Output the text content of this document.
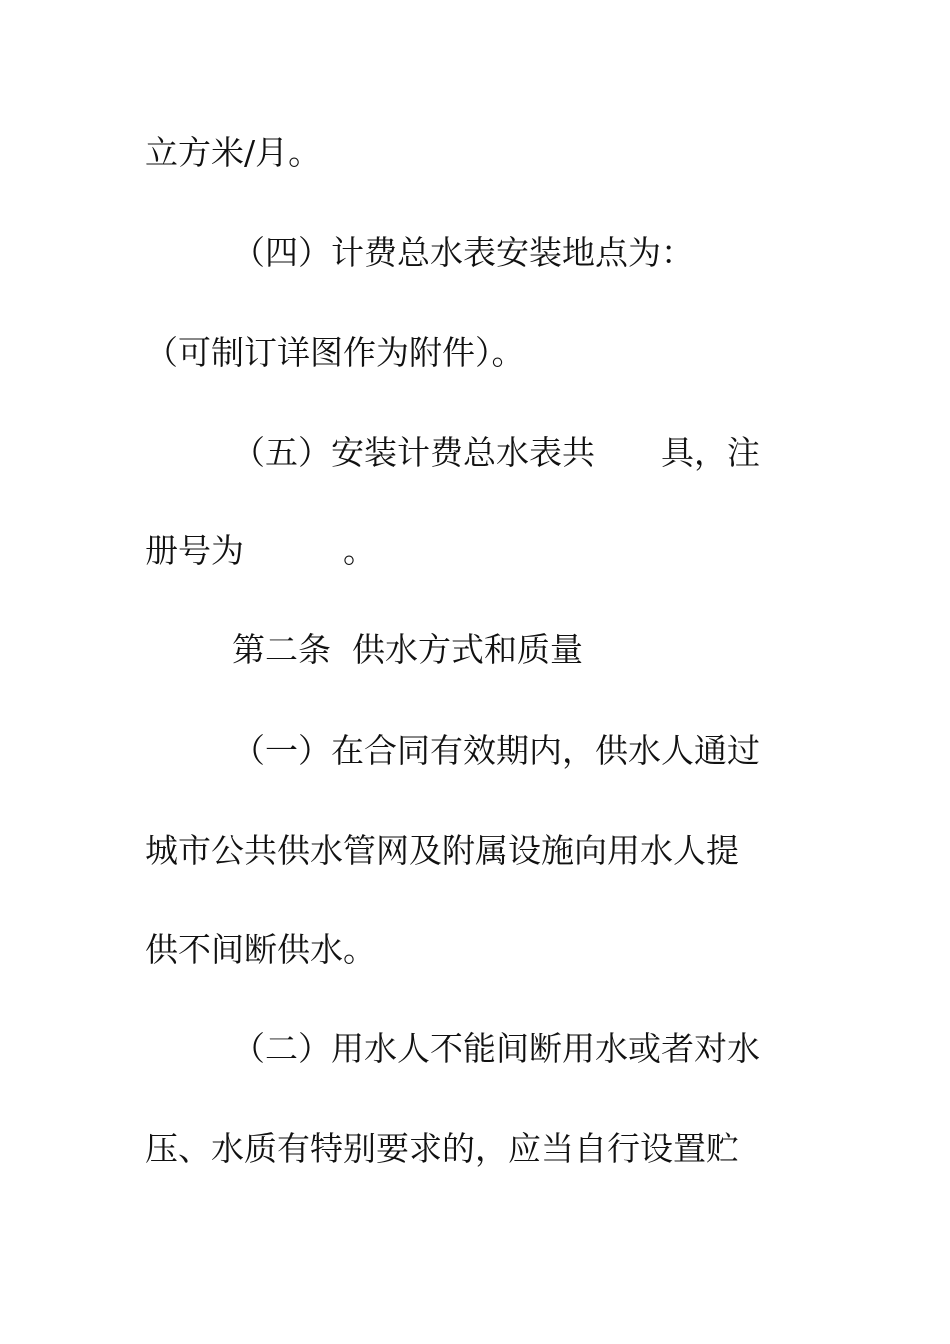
立方米/月。
（四）计费总水表安装地点为：
（可制订详图作为附件）。
（五）安装计费总水表共　　具，注
册号为　　　。
第二条  供水方式和质量
（一）在合同有效期内，供水人通过
城市公共供水管网及附属设施向用水人提
供不间断供水。
（二）用水人不能间断用水或者对水
压、水质有特别要求的，应当自行设置贮
